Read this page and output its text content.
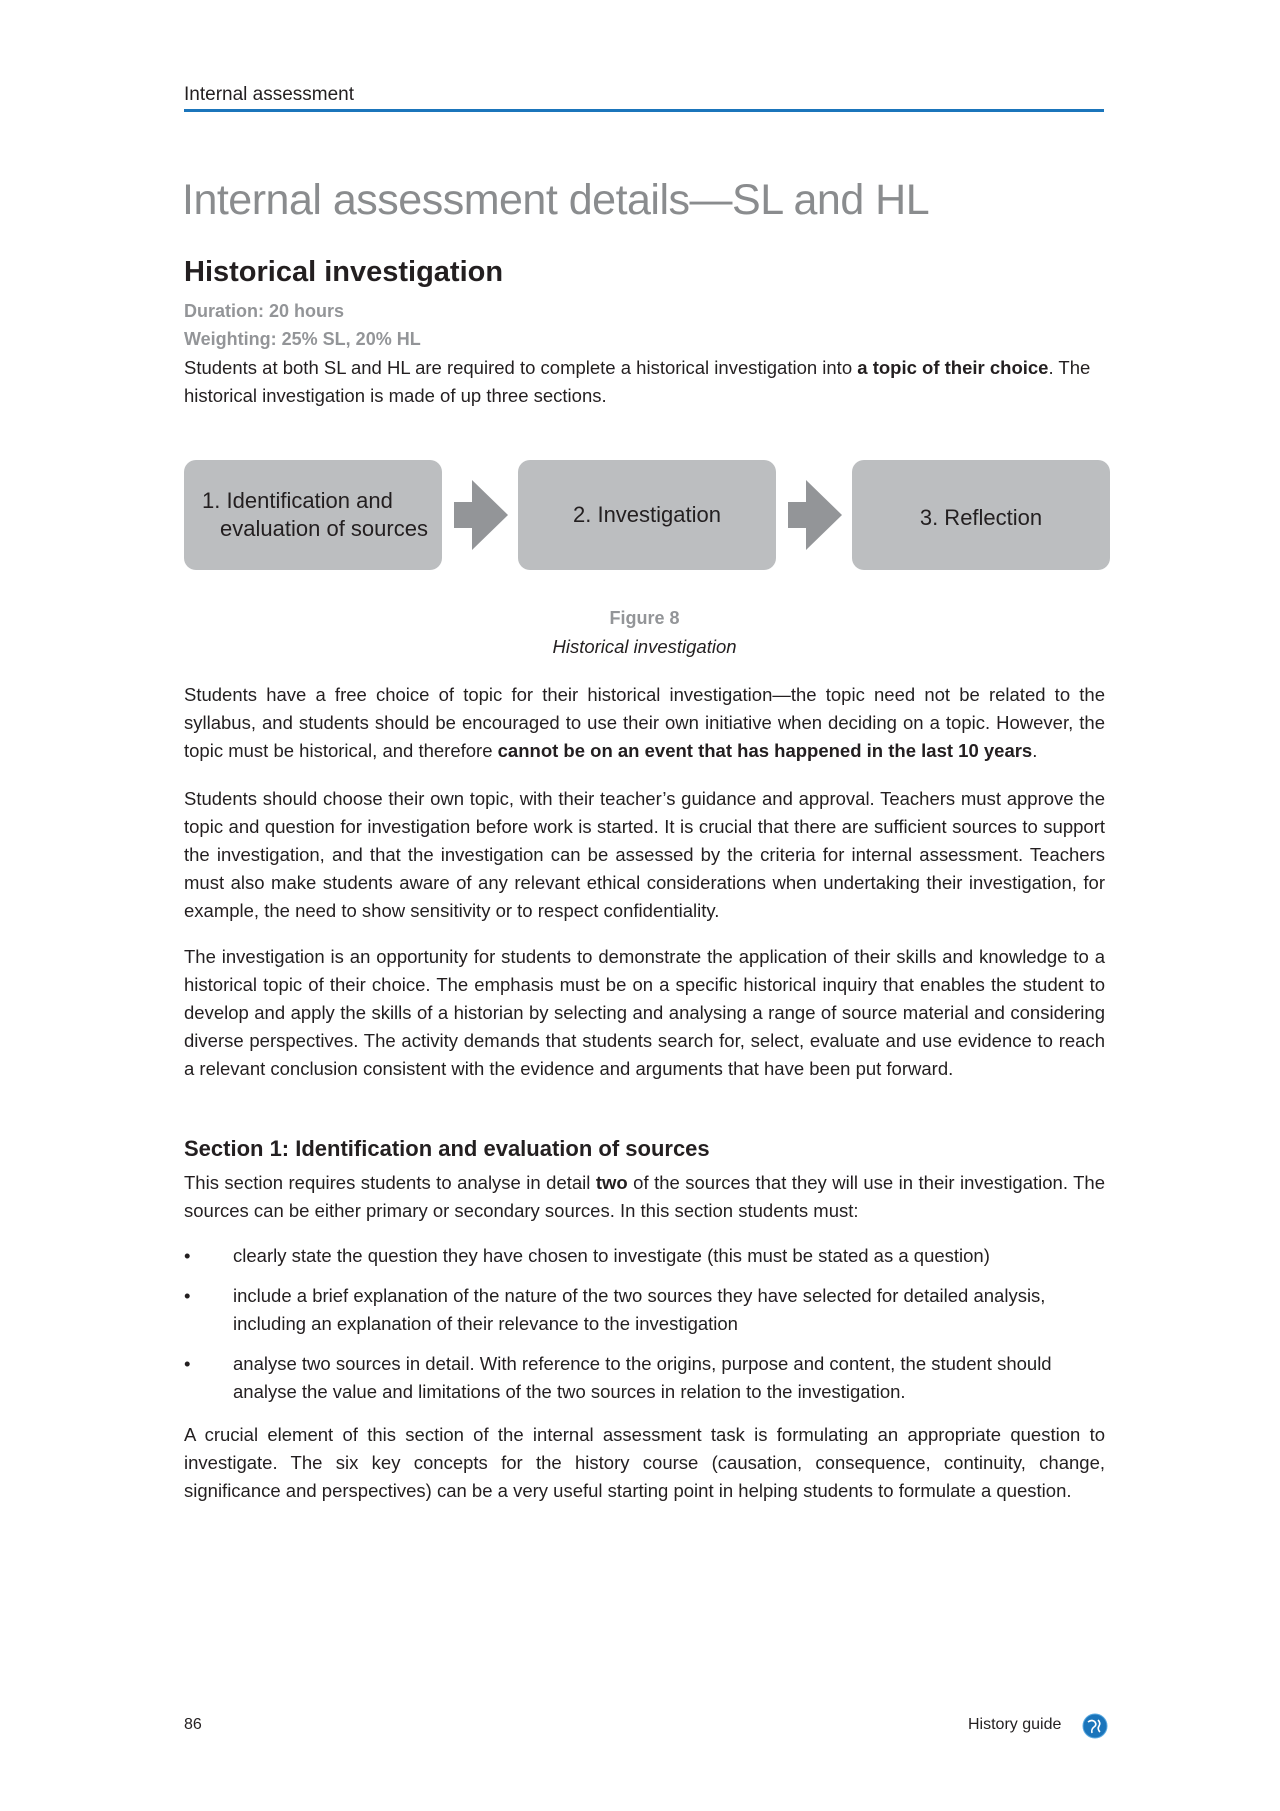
Internal assessment
Internal assessment details—SL and HL
Historical investigation
Duration: 20 hours
Weighting: 25% SL, 20% HL

Students at both SL and HL are required to complete a historical investigation into a topic of their choice. The historical investigation is made of up three sections.

1. Identification and
evaluation of sources
2. Investigation	3. Reflection
Figure 8
Historical investigation

Students have a free choice of topic for their historical investigation—the topic need not be related to the syllabus, and students should be encouraged to use their own initiative when deciding on a topic. However, the topic must be historical, and therefore cannot be on an event that has happened in the last 10 years.

Students should choose their own topic, with their teacher’s guidance and approval. Teachers must approve the topic and question for investigation before work is started. It is crucial that there are sufficient sources to support the investigation, and that the investigation can be assessed by the criteria for internal assessment. Teachers must also make students aware of any relevant ethical considerations when undertaking their investigation, for example, the need to show sensitivity or to respect confidentiality.

The investigation is an opportunity for students to demonstrate the application of their skills and knowledge to a historical topic of their choice. The emphasis must be on a specific historical inquiry that enables the student to develop and apply the skills of a historian by selecting and analysing a range of source material and considering diverse perspectives. The activity demands that students search for, select, evaluate and use evidence to reach a relevant conclusion consistent with the evidence and arguments that have been put forward.

Section 1: Identification and evaluation of sources

This section requires students to analyse in detail two of the sources that they will use in their investigation. The sources can be either primary or secondary sources. In this section students must:

• clearly state the question they have chosen to investigate (this must be stated as a question)
• include a brief explanation of the nature of the two sources they have selected for detailed analysis, including an explanation of their relevance to the investigation
• analyse two sources in detail. With reference to the origins, purpose and content, the student should analyse the value and limitations of the two sources in relation to the investigation.

A crucial element of this section of the internal assessment task is formulating an appropriate question to investigate. The six key concepts for the history course (causation, consequence, continuity, change, significance and perspectives) can be a very useful starting point in helping students to formulate a question.

86	History guide
